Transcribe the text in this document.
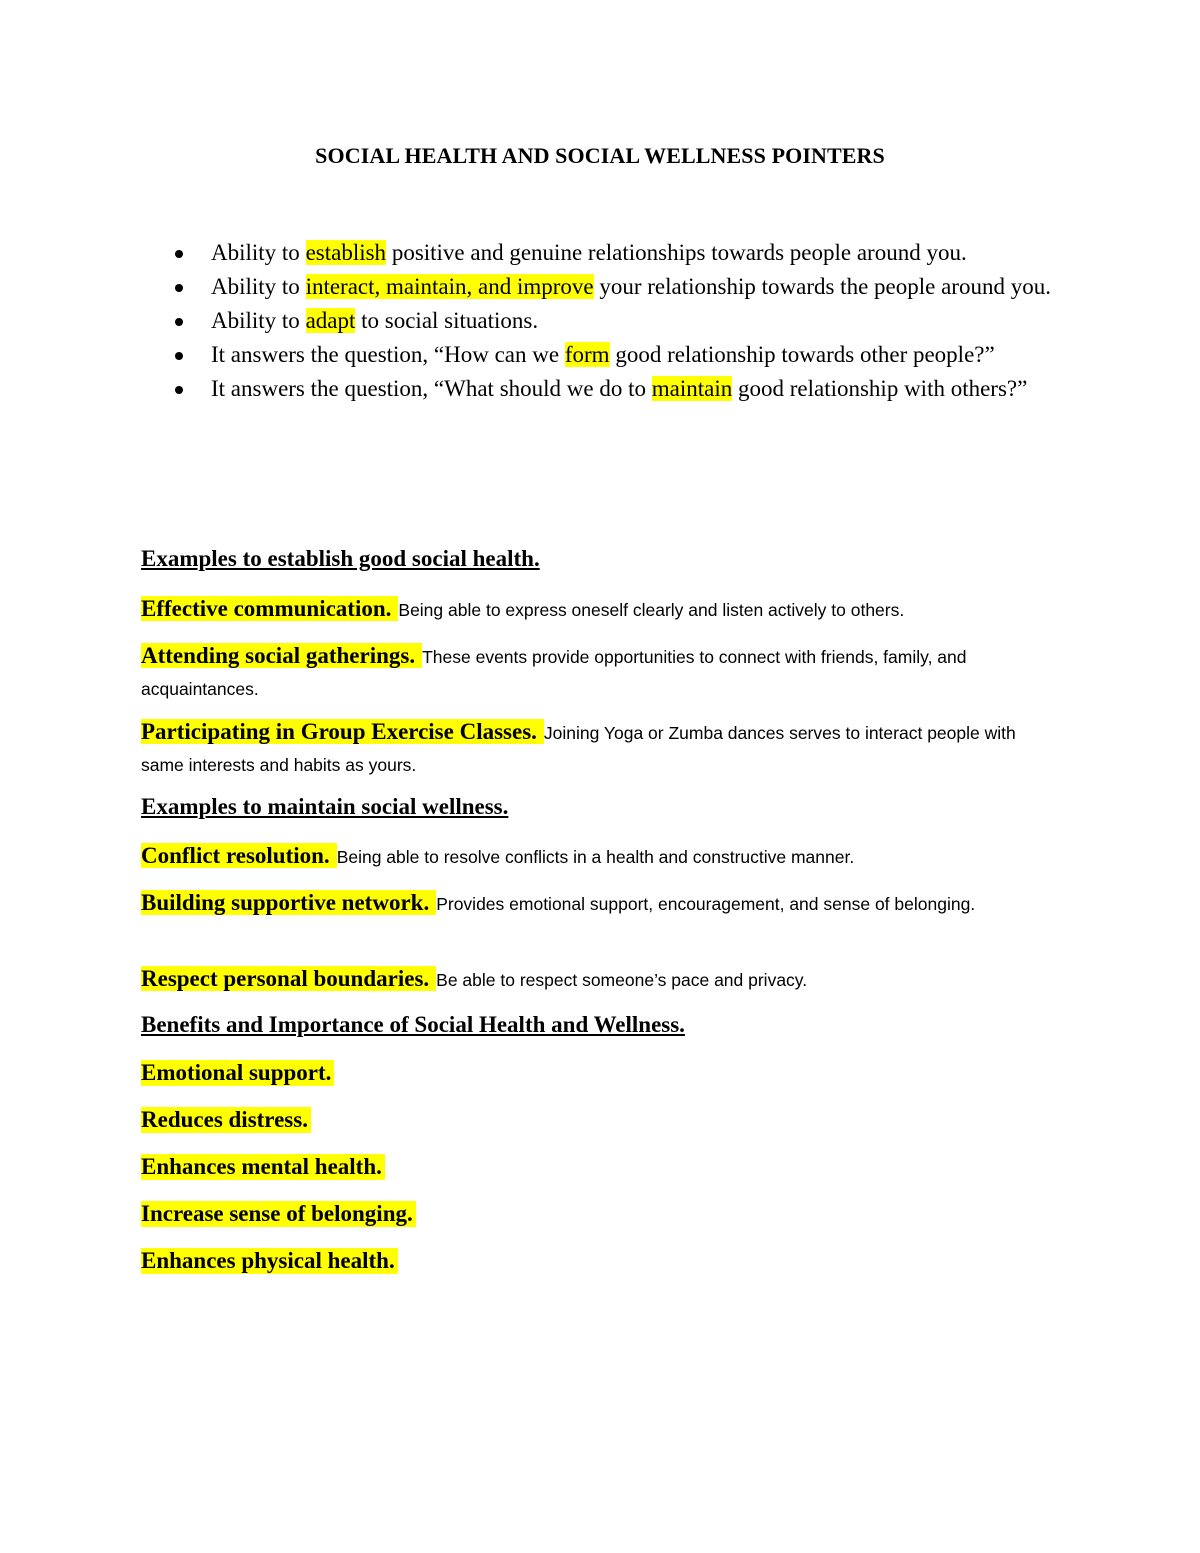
SOCIAL HEALTH AND SOCIAL WELLNESS POINTERS
Ability to establish positive and genuine relationships towards people around you.
Ability to interact, maintain, and improve your relationship towards the people around you.
Ability to adapt to social situations.
It answers the question, “How can we form good relationship towards other people?”
It answers the question, “What should we do to maintain good relationship with others?”
Examples to establish good social health.
Effective communication. Being able to express oneself clearly and listen actively to others.
Attending social gatherings. These events provide opportunities to connect with friends, family, and acquaintances.
Participating in Group Exercise Classes. Joining Yoga or Zumba dances serves to interact people with same interests and habits as yours.
Examples to maintain social wellness.
Conflict resolution. Being able to resolve conflicts in a health and constructive manner.
Building supportive network. Provides emotional support, encouragement, and sense of belonging.
Respect personal boundaries. Be able to respect someone’s pace and privacy.
Benefits and Importance of Social Health and Wellness.
Emotional support.
Reduces distress.
Enhances mental health.
Increase sense of belonging.
Enhances physical health.
